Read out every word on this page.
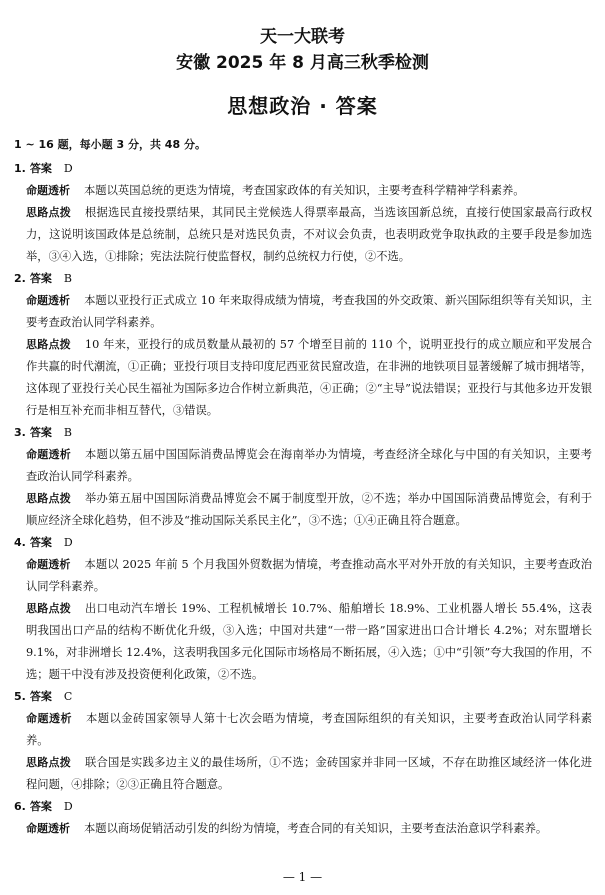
天一大联考
安徽 2025 年 8 月高三秋季检测
思想政治 · 答案

1 ~ 16 题，每小题 3 分，共 48 分。

1. 答案 D

命题透析 本题以英国总统的更迭为情境，考查国家政体的有关知识，主要考查科学精神学科素养。

思路点拨 根据选民直接投票结果，其同民主党候选人得票率最高，当选该国新总统，直接行使国家最高行政权力，这说明该国政体是总统制，总统只是对选民负责，不对议会负责，也表明政党争取执政的主要手段是参加选举，③④入选，①排除；宪法法院行使监督权，制约总统权力行使，②不选。

2. 答案 B

命题透析 本题以亚投行正式成立 10 年来取得成绩为情境，考查我国的外交政策、新兴国际组织等有关知识，主要考查政治认同学科素养。

思路点拨 10 年来，亚投行的成员数量从最初的 57 个增至目前的 110 个，说明亚投行的成立顺应和平发展合作共赢的时代潮流，①正确；亚投行项目支持印度尼西亚贫民窟改造，在非洲的地铁项目显著缓解了城市拥堵等，这体现了亚投行关心民生福祉为国际多边合作树立新典范，④正确；②“主导”说法错误；亚投行与其他多边开发银行是相互补充而非相互替代，③错误。

3. 答案 B

命题透析 本题以第五届中国国际消费品博览会在海南举办为情境，考查经济全球化与中国的有关知识，主要考查政治认同学科素养。

思路点拨 举办第五届中国国际消费品博览会不属于制度型开放，②不选；举办中国国际消费品博览会，有利于顺应经济全球化趋势，但不涉及“推动国际关系民主化”，③不选；①④正确且符合题意。

4. 答案 D

命题透析 本题以 2025 年前 5 个月我国外贸数据为情境，考查推动高水平对外开放的有关知识，主要考查政治认同学科素养。

思路点拨 出口电动汽车增长 19%、工程机械增长 10.7%、船舶增长 18.9%、工业机器人增长 55.4%，这表明我国出口产品的结构不断优化升级，③入选；中国对共建“一带一路”国家进出口合计增长 4.2%；对东盟增长 9.1%，对非洲增长 12.4%，这表明我国多元化国际市场格局不断拓展，④入选；①中“引领”夸大我国的作用，不选；题干中没有涉及投资便利化政策，②不选。

5. 答案 C

命题透析 本题以金砖国家领导人第十七次会晤为情境，考查国际组织的有关知识，主要考查政治认同学科素养。

思路点拨 联合国是实践多边主义的最佳场所，①不选；金砖国家并非同一区域，不存在助推区域经济一体化进程问题，④排除；②③正确且符合题意。

6. 答案 D

命题透析 本题以商场促销活动引发的纠纷为情境，考查合同的有关知识，主要考查法治意识学科素养。

— 1 —
